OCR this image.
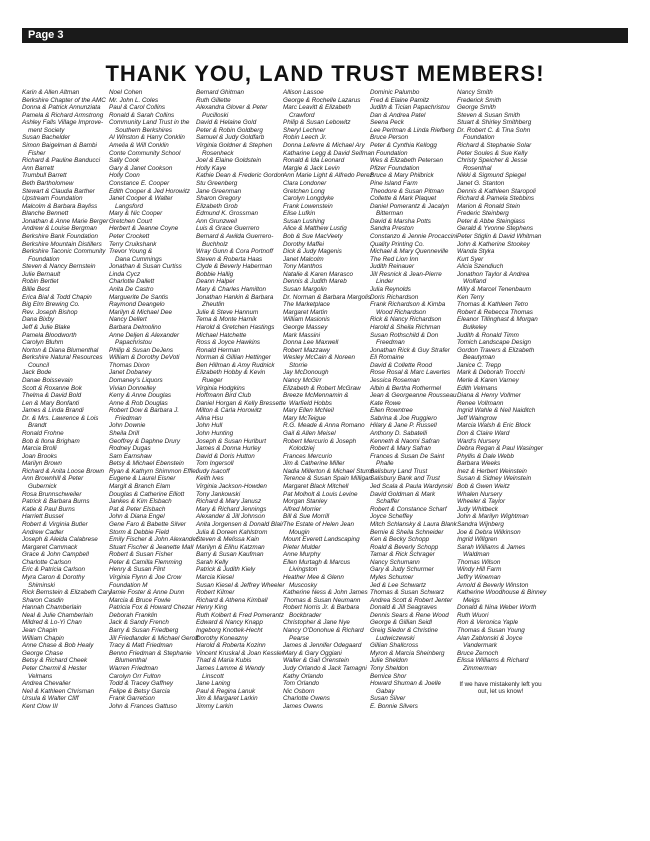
Page 3
THANK YOU, LAND TRUST MEMBERS!
Karin & Allen Altman
Berkshire Chapter of the AMC
Donna & Patrick Annunziata
Pamela & Richard Armstrong
Ashley Falls Village Improve-
ment Society
Susan Bachelder
Simon Baigelman & Bambi
Fisher
Richard & Pauline Banducci
Ann Barrett
Trumbull Barrett
Beth Bartholomew
Stewart & Claudia Barther
Upstream Foundation
Malcolm & Barbara Bayliss
Blanche Bennett
Jonathan & Anne Marie Berger
Andrew & Louise Bergman
Berkshire Bank Foundation
Berkshire Mountain Distillers
Berkshire Taconic Community
Foundation
Steven & Nancy Bernstein
Julie Bernault
Robin Bertlet
Billie Best
Erica Bial & Todd Chapin
Big Elm Brewing Co.
Rev. Joseph Bishop
Dana Bixby
Jeff & Julie Blake
Pamela Bloodworth
Carolyn Bluhm
Norton & Diana Blumenthal
Berkshire Natural Resources
Council
Jack Bode
Danae Boissevain
Scott & Roxanne Bok
Thelma & David Bold
Len & Mary Bonfanti
James & Linda Brandi
Dr. & Mrs. Lawrence & Lois
Brandt
Ronald Frohne
Bob & Ilona Brigham
Marcia Brolli
Joan Brooks
Marilyn Brown
Richard & Anita Loose Brown
Ann Brownhill & Peter
Gubernick
Rosa Brunnschweiler
Patrick & Barbara Burns
Katie & Paul Burns
Harriett Bussel
Robert & Virginia Butler
Andrew Cadler
Joseph & Aleida Calabrese
Margaret Cammack
Grace & John Campbell
Charlotte Carlson
Eric & Patricia Carlson
Myra Caron & Dorothy
Shiminski
Rick Bernstein & Elizabeth Cary
Sharon Casdin
Hannah Chamberlain
Neal & Julie Chamberlain
Mildred & Lo-Yi Chan
Jean Chapin
William Chapin
Anne Chase & Bob Healy
George Chase
Betsy & Richard Cheek
Peter Chermil & Hester
Velmans
Andrea Chevalier
Neil & Kathleen Chrisman
Ursula & Walter Cliff
Kent Clow III
Noel Cohen
Mr. John L. Coles
Paul & Carol Collins
Ronald & Sarah Collins
Community Land Trust in the
Southern Berkshires
Al Winston & Harry Conklin
Amelia & Will Conklin
Conte Community School
Sally Cook
Gary & Janet Cookson
Holly Coon
Constance E. Cooper
Edith Cooper & Jed Horowitz
Janet Cooper & Walter
Langsford
Mary & Nic Cooper
Gretchen Court
Herbert & Jeanne Coyne
Peter Crockett
Terry Cruikshank
Trevor Young &
Dana Cummings
Jonathan & Susan Curtiss
Linda Cycz
Charlotte Dallett
Anita De Castro
Marguerite De Santis
Raymond Deangelo
Marilyn & Michael Dee
Nancy Dellert
Barbara Delmolino
Anne Deljen & Alexander
Papachristou
Philip & Susan DeJens
William & Dorothy DeVoti
Thomas Dixon
Janet Dobaney
Domaney's Liquors
Vivian Donnelley
Kerry & Anne Douglas
Anne & Rob Douglas
Robert Dow & Barbara J.
Friedman
John Downie
Sheila Drill
Geoffrey & Daphne Drury
Rodney Dugas
Sam Earnshaw
Betsy & Michael Ebenstein
Ryan & Kathyrn Shimmon Effler
Eugene & Laurel Eisner
Margit & Branch Elam
Douglas & Catherine Elliott
Jankes & Kim Elsbach
Pat & Peter Elsbach
John & Diana Engel
Gene Faro & Babette Silver
Storm & Debbie Field
Emily Fischer & John Alexander
Stuart Fischer & Jeanette Mall
Robert & Susan Fisher
Peter & Camilla Flemming
Henry & Susan Flint
Virginia Flynn & Joe Crow
Foundation M
Jamie Foster & Anne Dunn
Marcia & Bruce Fowle
Patricia Fox & Howard Chezar
Deborah Franklin
Jack & Sandy French
Barry & Susan Friedberg
Jill Friedlander & Michael Geroff
Tracy & Matt Friedman
Benno Friedman & Stephanie
Blumenthal
Warren Friedman
Carolyn Orr Fulton
Todd & Tracey Gaffney
Felipe & Betsy Garcia
Frank Garretson
John & Frances Gattuso
Bernard Ghitman
Ruth Gillette
Alexandra Glover & Peter
Pucilloski
David & Helaine Gold
Peter & Robin Goldberg
Samuel & Judy Goldfarb
Virginia Goldner & Stephen
Rosenheck
Joel & Elaine Goldstein
Holly Kaye
Kathie Dean & Frederic Gordon
Stu Greenberg
Jane Greenman
Sharon Gregory
Elizabeth Grob
Edmund K. Grossman
Ann Grunzweil
Luis & Grace Guerrero
Bernard & Awilda Guerrero-
Buchholz
Wray Gunn & Cora Portnoff
Steven & Roberta Haas
Clyde & Beverly Haberman
Bobbie Hallig
Deann Halper
Mary & Charles Hamilton
Jonathan Hankin & Barbara
Zheutlin
Julie & Steve Hannum
Tema & Monte Harnik
Harold & Gretchen Hastings
Michael Hatchette
Ross & Joyce Hawkins
Ronald Herman
Norman & Gillian Hettinger
Ben Hillman & Amy Rudnick
Elizabeth Hobby & Kevin
Rueger
Virginia Hodgkins
Hoffmann Bird Club
Daniel Horgan & Kelly Bressette
Milton & Carla Horowitz
Alina Hsu
John Hull
John Hunting
Joseph & Susan Hurlburt
James & Donna Hurley
David & Doris Hutton
Tom Ingersoll
Judy Isacoff
Keith Ives
Virginia Jackson-Howden
Tony Jankowski
Richard & Mary Janusz
Mary & Richard Jennings
Alexander & Jill Johnson
Anita Jorgensen & Donald Blair
Julia & Doreen Kahlstrom
Steven & Melissa Kain
Marilyn & Elihu Katzman
Barry & Susan Kaufman
Sarah Kelly
Patrick & Judith Kiely
Marcia Kiesel
Susan Kiesel & Jeffrey Wheeler
Robert Kilmer
Richard & Athena Kimball
Henry King
Ruth Kolbert & Fred Pomerantz
Edward & Nancy Knapp
Ingeborg Knottek-Hecht
Dorothy Koneazny
Harold & Roberta Kozinn
Vincent Kruskal & Joan Kessler
Thad & Maria Kubis
James Lamme & Wendy
Linscott
Jane Laning
Paul & Regina Lanuk
Jim & Margaret Larkin
Jimmy Larkin
Allison Lassoe
George & Rochelle Lazarus
Marc Leavitt & Elizabeth
Crawford
Philip & Susan Lebowitz
Sheryl Lechner
Robin Leech Jr.
Donna Lefevre & Michael Ary
Katharine Legg & David Seifman
Ronald & Ida Leonard
Margie & Jack Levin
Ann Marie Light & Alfredo Perez
Clara Londoner
Gretchen Long
Carolyn Longdyke
Frank Lowenstein
Elise Lufkin
Susan Lushing
Alice & Matthew Lustig
Bob & Sue MacVeety
Dorothy Maffei
Dick & Judy Magenis
Janet Malcolm
Tony Manthos
Natalie & Karen Marasco
Dennis & Judith Mareb
Susan Margolin
Dr. Norman & Barbara Margolis
The Marketplace
Margaret Martin
William Masionis
George Massey
Mark Massini
Donna Lee Maxwell
Robert Mazzawy
Wesley McCain & Noreen
Storrie
Jay McDonough
Nancy McGirr
Elizabeth & Robert McGraw
Breeze McMennamin &
Warfield Hobbs
Mary Ellen McNeil
Mary McTeigue
R.G. Meade & Anna Romano
Gail & Allen Meisel
Robert Mercurio & Joseph
Kolodziej
Frances Mercurio
Jim & Catherine Miller
Nadia Millerton & Michael Stumo
Terence & Susan Spain Milligan
Margaret Black Mitchell
Pat Molholt & Louis Levine
Morgan Stanley
Alfred Morrier
Bill & Sue Morrill
The Estate of Helen Jean
Mougin
Mount Everett Landscaping
Pieter Mulder
Anne Murphy
Ellen Murtagh & Marcus
Livingston
Heather Mee & Glenn
Muscosky
Katherine Ness & John James
Thomas & Susan Neumann
Robert Norris Jr. & Barbara
Bockbrader
Christopher & Jane Nye
Nancy O'Donohue & Richard
Pearse
James & Jennifer Odegaard
Mary & Gary Oggiani
Walter & Gail Orenstein
Judy Orlando & Jack Tamagni
Kathy Orlando
Tom Orlando
Nic Osborn
Charlotte Owens
James Owens
Dominic Palumbo
Fred & Elaine Pamitz
Judith & Tician Papachristou
Dan & Andrea Patel
Seena Peck
Lee Perlman & Linda Riefberg
Bruce Person
Peter & Cynthia Kellogg
Foundation
Wes & Elizabeth Petersen
Pfizer Foundation
Bruce & Mary Philbrick
Pine Island Farm
Theodore & Susan Pitman
Collette & Mark Plaquet
Daniel Pomerantz & Jacalyn
Bitterman
David & Marsha Potts
Sandra Preston
Constanzo & Jennie Procaccini
Quality Printing Co.
Michael & Mary Quenneville
The Red Lion Inn
Judith Reinauer
Jill Resnick & Jean-Pierre
Linder
Julia Reynolds
Doris Richardson
Frank Richardson & Kimba
Wood Richardson
Rick & Nancy Richardson
Harold & Sheila Richman
Susan Rothschild & Don
Freedman
Jonathan Rick & Guy Strafer
Eli Romaine
David & Collette Rood
Rose Rosal & Marc Lavertes
Jessica Roseman
Albin & Bertha Rothermel
Jean & Georgeanne Rousseau
Kate Rowe
Ellen Rowntree
Sabrina & Joe Ruggiero
Hilary & Jane P. Russell
Anthony D. Sabatelli
Kenneth & Naomi Safran
Robert & Mary Safran
Frances & Susan De Saint
Phalle
Salisbury Land Trust
Salisbury Bank and Trust
Jed Scala & Paula Wardynski
David Goldman & Mark
Schaffer
Robert & Constance Scharf
Joyce Scheffey
Mitch Schlansky & Laura Blank
Bernie & Sheila Schneider
Ken & Becky Schopp
Roald & Beverly Schopp
Tamar & Rick Schrager
Nancy Schumann
Gary & Judy Schurmer
Myles Schumer
Jed & Lee Schwartz
Thomas & Susan Schwarz
Andrea Scott & Robert Jenter
Donald & Jill Seagraves
Dennis Sears & Rene Wood
George & Gillian Seidl
Greig Siedor & Christine
Ludwiczewski
Gillian Shallcross
Myron & Marcia Sheinberg
Julie Sheldon
Tony Sheldon
Bernice Shor
Howard Shuman & Joelle
Gabay
Susan Silver
E. Bonnie Silvers
Nancy Smith
Frederick Smith
George Smith
Steven & Susan Smith
Stuart & Shirley Smithberg
Dr. Robert C. & Tina Sohn
Foundation
Richard & Stephanie Solar
Peter Soules & Sue Kelly
Christy Speicher & Jesse
Rosenthal
Nikki & Sigmund Spiegel
Janet G. Stanton
Dennis & Kathleen Staropoli
Richard & Pamela Stebbins
Marion & Ronald Stein
Frederic Steinberg
Peter & Abbe Steingiass
Gerald & Yvonne Stephens
Peter Stiglin & David Whitman
John & Katherine Stookey
Wanda Styka
Kurt Syer
Alicia Szendiuch
Jonathon Taylor & Andrea
Wolfand
Milly & Marcel Tenenbaum
Ken Terry
Thomas & Kathleen Tetro
Robert & Rebecca Thomas
Eleanor Tillinghast & Morgan
Bulkeley
Judith & Ronald Timm
Tomich Landscape Design
Gordon Travers & Elizabeth
Beautyman
Janice C. Trepp
Mark & Deborah Trocchi
Merle & Karen Varney
Edith Velmans
Diana & Henry Vollmer
Renee Vollmann
Ingrid Wahle & Neil Naiditch
Jeff Waingrow
Marcia Walsh & Eric Block
Don & Claire Ward
Ward's Nursery
Debra Regan & Paul Wasinger
Phyllis & Dale Webb
Barbara Weeks
Inez & Herbert Weinstein
Susan & Sidney Weinstein
Bob & Gwen Weitz
Whalen Nursery
Wheeler & Taylor
Judy Whitbeck
John & Marilyn Wightman
Sandra Wijnberg
Joe & Debra Wilkinson
Ingrid Willgren
Sarah Williams & James
Waldman
Thomas Wilson
Windy Hill Farm
Jeffry Wineman
Arnold & Beverly Winston
Katherine Woodhouse & Binney
Meigs
Donald & Nina Weber Worth
Ruth Wuori
Ron & Veronica Yaple
Thomas & Susan Young
Alan Zablonski & Joyce
Vandermark
Bruce Zernoch
Elissa Williams & Richard
Zimmerman
If we have mistakenly left you
out, let us know!
